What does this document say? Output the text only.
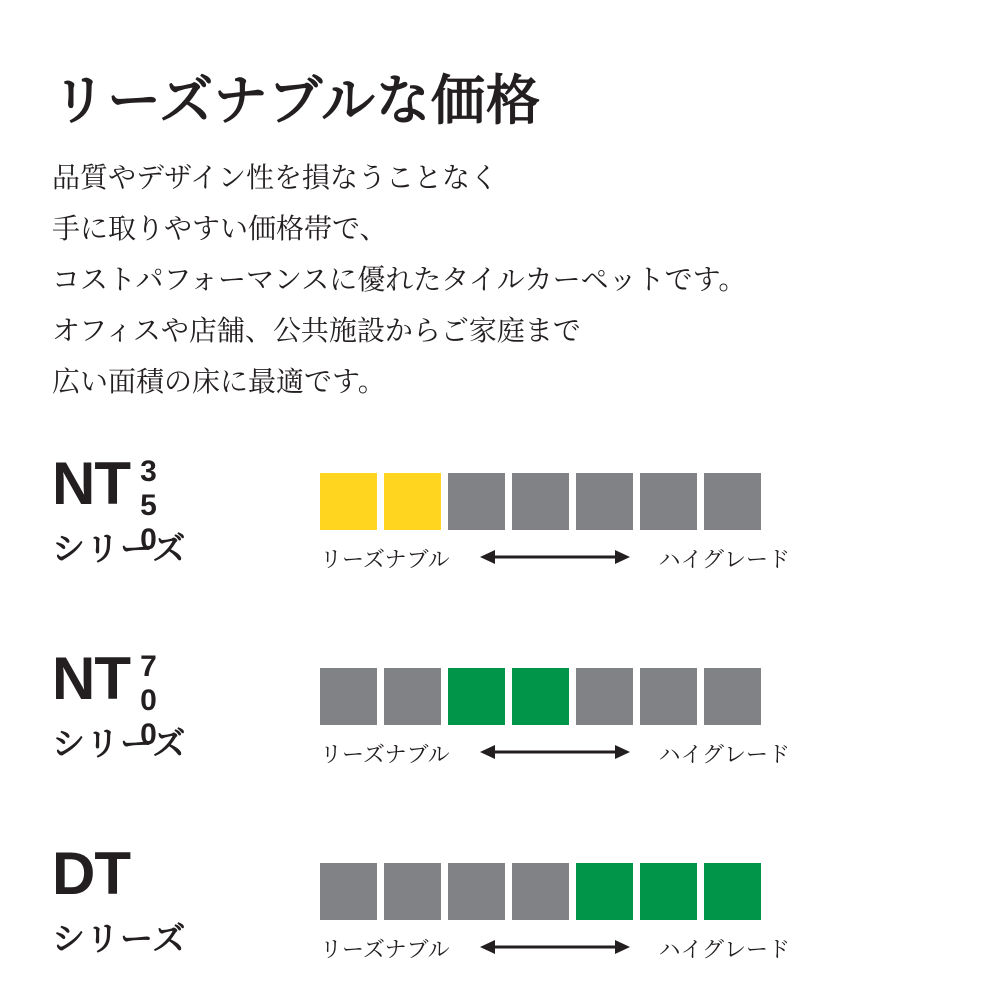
リーズナブルな価格
品質やデザイン性を損なうことなく
手に取りやすい価格帯で、
コストパフォーマンスに優れたタイルカーペットです。
オフィスや店舗、公共施設からご家庭まで
広い面積の床に最適です。
NT 350
シリーズ	リーズナブル	ハイグレード
NT 700
シリーズ	リーズナブル	ハイグレード
DT
シリーズ	リーズナブル	ハイグレード
